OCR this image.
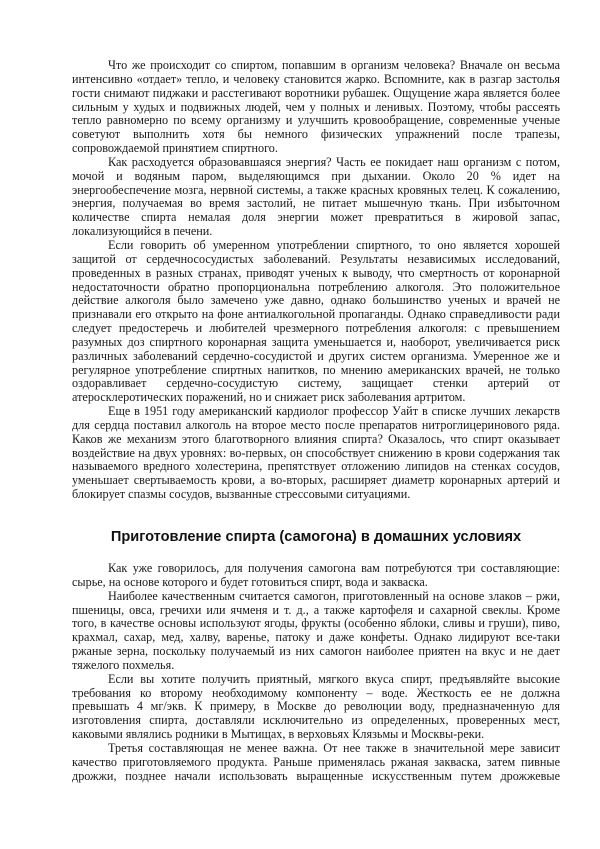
Что же происходит со спиртом, попавшим в организм человека? Вначале он весьма
интенсивно «отдает» тепло, и человеку становится жарко. Вспомните, как в разгар застолья
гости снимают пиджаки и расстегивают воротники рубашек. Ощущение жара является более
сильным у худых и подвижных людей, чем у полных и ленивых. Поэтому, чтобы рассеять
тепло равномерно по всему организму и улучшить кровообращение, современные ученые
советуют выполнить хотя бы немного физических упражнений после трапезы,
сопровождаемой принятием спиртного.
Как расходуется образовавшаяся энергия? Часть ее покидает наш организм с потом,
мочой и водяным паром, выделяющимся при дыхании. Около 20 % идет на
энергообеспечение мозга, нервной системы, а также красных кровяных телец. К сожалению,
энергия, получаемая во время застолий, не питает мышечную ткань. При избыточном
количестве спирта немалая доля энергии может превратиться в жировой запас,
локализующийся в печени.
Если говорить об умеренном употреблении спиртного, то оно является хорошей
защитой от сердечнососудистых заболеваний. Результаты независимых исследований,
проведенных в разных странах, приводят ученых к выводу, что смертность от коронарной
недостаточности обратно пропорциональна потреблению алкоголя. Это положительное
действие алкоголя было замечено уже давно, однако большинство ученых и врачей не
признавали его открыто на фоне антиалкогольной пропаганды. Однако справедливости ради
следует предостеречь и любителей чрезмерного потребления алкоголя: с превышением
разумных доз спиртного коронарная защита уменьшается и, наоборот, увеличивается риск
различных заболеваний сердечно-сосудистой и других систем организма. Умеренное же и
регулярное употребление спиртных напитков, по мнению американских врачей, не только
оздоравливает сердечно-сосудистую систему, защищает стенки артерий от
атеросклеротических поражений, но и снижает риск заболевания артритом.
Еще в 1951 году американский кардиолог профессор Уайт в списке лучших лекарств
для сердца поставил алкоголь на второе место после препаратов нитроглицеринового ряда.
Каков же механизм этого благотворного влияния спирта? Оказалось, что спирт оказывает
воздействие на двух уровнях: во-первых, он способствует снижению в крови содержания так
называемого вредного холестерина, препятствует отложению липидов на стенках сосудов,
уменьшает свертываемость крови, а во-вторых, расширяет диаметр коронарных артерий и
блокирует спазмы сосудов, вызванные стрессовыми ситуациями.
Приготовление спирта (самогона) в домашних условиях
Как уже говорилось, для получения самогона вам потребуются три составляющие:
сырье, на основе которого и будет готовиться спирт, вода и закваска.
Наиболее качественным считается самогон, приготовленный на основе злаков – ржи,
пшеницы, овса, гречихи или ячменя и т. д., а также картофеля и сахарной свеклы. Кроме
того, в качестве основы используют ягоды, фрукты (особенно яблоки, сливы и груши), пиво,
крахмал, сахар, мед, халву, варенье, патоку и даже конфеты. Однако лидируют все-таки
ржаные зерна, поскольку получаемый из них самогон наиболее приятен на вкус и не дает
тяжелого похмелья.
Если вы хотите получить приятный, мягкого вкуса спирт, предъявляйте высокие
требования ко второму необходимому компоненту – воде. Жесткость ее не должна
превышать 4 мг/экв. К примеру, в Москве до революции воду, предназначенную для
изготовления спирта, доставляли исключительно из определенных, проверенных мест,
каковыми являлись родники в Мытищах, в верховьях Клязьмы и Москвы-реки.
Третья составляющая не менее важна. От нее также в значительной мере зависит
качество приготовляемого продукта. Раньше применялась ржаная закваска, затем пивные
дрожжи, позднее начали использовать выращенные искусственным путем дрожжевые
